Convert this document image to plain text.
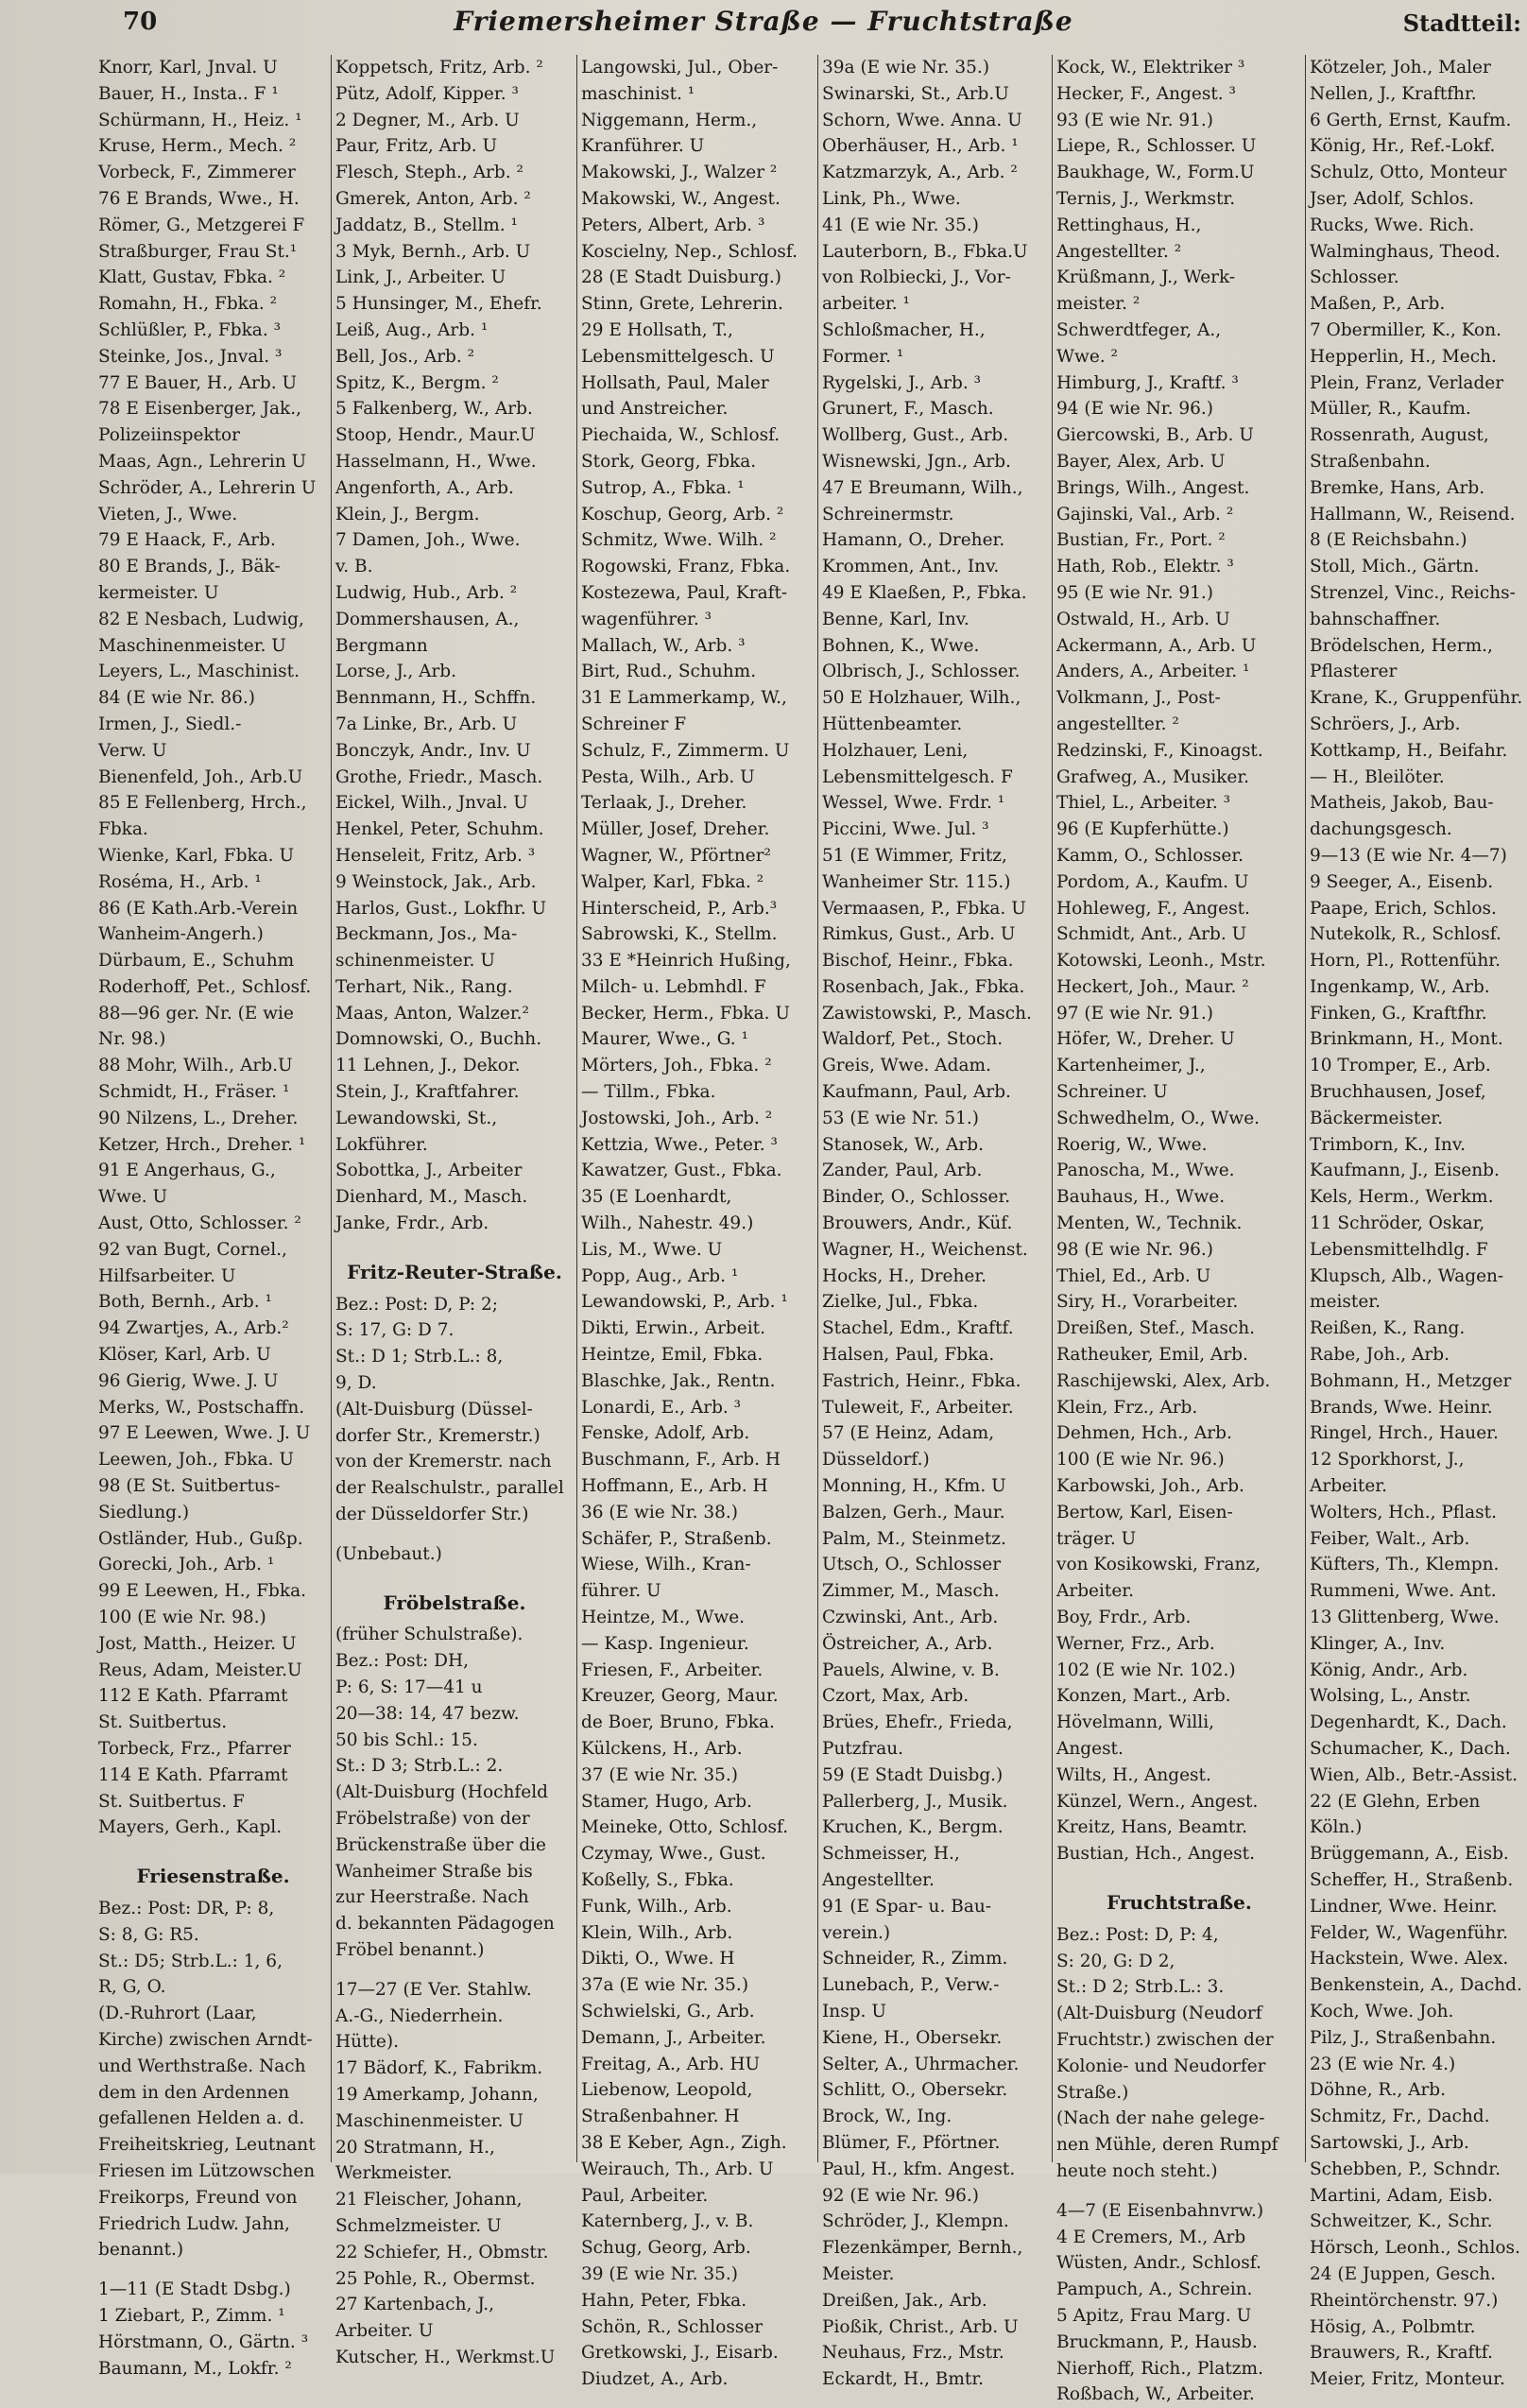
70	Friemersheimer Straße — Fruchtstraße	Stadtteil:
Knorr, Karl, Jnval. U
Bauer, H., Insta.. F ¹
Schürmann, H., Heiz. ¹
Kruse, Herm., Mech. ²
Vorbeck, F., Zimmerer
76 E Brands, Wwe., H.
Römer, G., Metzgerei F
Straßburger, Frau St.¹
Klatt, Gustav, Fbka. ²
Romahn, H., Fbka. ²
Schlüßler, P., Fbka. ³
Steinke, Jos., Jnval. ³
77 E Bauer, H., Arb. U
78 E Eisenberger, Jak.,
Polizeiinspektor
Maas, Agn., Lehrerin U
Schröder, A., Lehrerin U
Vieten, J., Wwe.
79 E Haack, F., Arb.
80 E Brands, J., Bäk-
kermeister. U
82 E Nesbach, Ludwig,
Maschinenmeister. U
Leyers, L., Maschinist.
84 (E wie Nr. 86.)
Irmen, J., Siedl.-
Verw. U
Bienenfeld, Joh., Arb.U
85 E Fellenberg, Hrch.,
Fbka.
Wienke, Karl, Fbka. U
Roséma, H., Arb. ¹
86 (E Kath.Arb.-Verein
Wanheim-Angerh.)
Dürbaum, E., Schuhm
Roderhoff, Pet., Schlosf.
88—96 ger. Nr. (E wie
Nr. 98.)
88 Mohr, Wilh., Arb.U
Schmidt, H., Fräser. ¹
90 Nilzens, L., Dreher.
Ketzer, Hrch., Dreher. ¹
91 E Angerhaus, G.,
Wwe. U
Aust, Otto, Schlosser. ²
92 van Bugt, Cornel.,
Hilfsarbeiter. U
Both, Bernh., Arb. ¹
94 Zwartjes, A., Arb.²
Klöser, Karl, Arb. U
96 Gierig, Wwe. J. U
Merks, W., Postschaffn.
97 E Leewen, Wwe. J. U
Leewen, Joh., Fbka. U
98 (E St. Suitbertus-
Siedlung.)
Ostländer, Hub., Gußp.
Gorecki, Joh., Arb. ¹
99 E Leewen, H., Fbka.
100 (E wie Nr. 98.)
Jost, Matth., Heizer. U
Reus, Adam, Meister.U
112 E Kath. Pfarramt
St. Suitbertus.
Torbeck, Frz., Pfarrer
114 E Kath. Pfarramt
St. Suitbertus. F
Mayers, Gerh., Kapl.
Friesenstraße.
Bez.: Post: DR, P: 8,
S: 8, G: R5.
St.: D5; Strb.L.: 1, 6,
R, G, O.
(D.-Ruhrort (Laar,
Kirche) zwischen Arndt-
und Werthstraße. Nach
dem in den Ardennen
gefallenen Helden a. d.
Freiheitskrieg, Leutnant
Friesen im Lützowschen
Freikorps, Freund von
Friedrich Ludw. Jahn,
benannt.)
1—11 (E Stadt Dsbg.)
1 Ziebart, P., Zimm. ¹
Hörstmann, O., Gärtn. ³
Baumann, M., Lokfr. ²
Koppetsch, Fritz, Arb. ²
Pütz, Adolf, Kipper. ³
2 Degner, M., Arb. U
Paur, Fritz, Arb. U
Flesch, Steph., Arb. ²
Gmerek, Anton, Arb. ²
Jaddatz, B., Stellm. ¹
3 Myk, Bernh., Arb. U
Link, J., Arbeiter. U
5 Hunsinger, M., Ehefr.
Leiß, Aug., Arb. ¹
Bell, Jos., Arb. ²
Spitz, K., Bergm. ²
5 Falkenberg, W., Arb.
Stoop, Hendr., Maur.U
Hasselmann, H., Wwe.
Angenforth, A., Arb.
Klein, J., Bergm.
7 Damen, Joh., Wwe.
v. B.
Ludwig, Hub., Arb. ²
Dommershausen, A.,
Bergmann
Lorse, J., Arb.
Bennmann, H., Schffn.
7a Linke, Br., Arb. U
Bonczyk, Andr., Inv. U
Grothe, Friedr., Masch.
Eickel, Wilh., Jnval. U
Henkel, Peter, Schuhm.
Henseleit, Fritz, Arb. ³
9 Weinstock, Jak., Arb.
Harlos, Gust., Lokfhr. U
Beckmann, Jos., Ma-
schinenmeister. U
Terhart, Nik., Rang.
Maas, Anton, Walzer.²
Domnowski, O., Buchh.
11 Lehnen, J., Dekor.
Stein, J., Kraftfahrer.
Lewandowski, St.,
Lokführer.
Sobottka, J., Arbeiter
Dienhard, M., Masch.
Janke, Frdr., Arb.
Fritz-Reuter-Straße.
Bez.: Post: D, P: 2;
S: 17, G: D 7.
St.: D 1; Strb.L.: 8,
9, D.
(Alt-Duisburg (Düssel-
dorfer Str., Kremerstr.)
von der Kremerstr. nach
der Realschulstr., parallel
der Düsseldorfer Str.)
(Unbebaut.)
Fröbelstraße.
(früher Schulstraße).
Bez.: Post: DH,
P: 6, S: 17—41 u
20—38: 14, 47 bezw.
50 bis Schl.: 15.
St.: D 3; Strb.L.: 2.
(Alt-Duisburg (Hochfeld
Fröbelstraße) von der
Brückenstraße über die
Wanheimer Straße bis
zur Heerstraße. Nach
d. bekannten Pädagogen
Fröbel benannt.)
17—27 (E Ver. Stahlw.
A.-G., Niederrhein.
Hütte).
17 Bädorf, K., Fabrikm.
19 Amerkamp, Johann,
Maschinenmeister. U
20 Stratmann, H.,
Werkmeister.
21 Fleischer, Johann,
Schmelzmeister. U
22 Schiefer, H., Obmstr.
25 Pohle, R., Obermst.
27 Kartenbach, J.,
Arbeiter. U
Kutscher, H., Werkmst.U
Langowski, Jul., Ober-
maschinist. ¹
Niggemann, Herm.,
Kranführer. U
Makowski, J., Walzer ²
Makowski, W., Angest.
Peters, Albert, Arb. ³
Koscielny, Nep., Schlosf.
28 (E Stadt Duisburg.)
Stinn, Grete, Lehrerin.
29 E Hollsath, T.,
Lebensmittelgesch. U
Hollsath, Paul, Maler
und Anstreicher.
Piechaida, W., Schlosf.
Stork, Georg, Fbka.
Sutrop, A., Fbka. ¹
Koschup, Georg, Arb. ²
Schmitz, Wwe. Wilh. ²
Rogowski, Franz, Fbka.
Kostezewa, Paul, Kraft-
wagenführer. ³
Mallach, W., Arb. ³
Birt, Rud., Schuhm.
31 E Lammerkamp, W.,
Schreiner F
Schulz, F., Zimmerm. U
Pesta, Wilh., Arb. U
Terlaak, J., Dreher.
Müller, Josef, Dreher.
Wagner, W., Pförtner²
Walper, Karl, Fbka. ²
Hinterscheid, P., Arb.³
Sabrowski, K., Stellm.
33 E *Heinrich Hußing,
Milch- u. Lebmhdl. F
Becker, Herm., Fbka. U
Maurer, Wwe., G. ¹
Mörters, Joh., Fbka. ²
— Tillm., Fbka.
Jostowski, Joh., Arb. ²
Kettzia, Wwe., Peter. ³
Kawatzer, Gust., Fbka.
35 (E Loenhardt,
Wilh., Nahestr. 49.)
Lis, M., Wwe. U
Popp, Aug., Arb. ¹
Lewandowski, P., Arb. ¹
Dikti, Erwin., Arbeit.
Heintze, Emil, Fbka.
Blaschke, Jak., Rentn.
Lonardi, E., Arb. ³
Fenske, Adolf, Arb.
Buschmann, F., Arb. H
Hoffmann, E., Arb. H
36 (E wie Nr. 38.)
Schäfer, P., Straßenb.
Wiese, Wilh., Kran-
führer. U
Heintze, M., Wwe.
— Kasp. Ingenieur.
Friesen, F., Arbeiter.
Kreuzer, Georg, Maur.
de Boer, Bruno, Fbka.
Külckens, H., Arb.
37 (E wie Nr. 35.)
Stamer, Hugo, Arb.
Meineke, Otto, Schlosf.
Czymay, Wwe., Gust.
Koßelly, S., Fbka.
Funk, Wilh., Arb.
Klein, Wilh., Arb.
Dikti, O., Wwe. H
37a (E wie Nr. 35.)
Schwielski, G., Arb.
Demann, J., Arbeiter.
Freitag, A., Arb. HU
Liebenow, Leopold,
Straßenbahner. H
38 E Keber, Agn., Zigh.
Weirauch, Th., Arb. U
Paul, Arbeiter.
Katernberg, J., v. B.
Schug, Georg, Arb.
39 (E wie Nr. 35.)
Hahn, Peter, Fbka.
Schön, R., Schlosser
Gretkowski, J., Eisarb.
Diudzet, A., Arb.
39a (E wie Nr. 35.)
Swinarski, St., Arb.U
Schorn, Wwe. Anna. U
Oberhäuser, H., Arb. ¹
Katzmarzyk, A., Arb. ²
Link, Ph., Wwe.
41 (E wie Nr. 35.)
Lauterborn, B., Fbka.U
von Rolbiecki, J., Vor-
arbeiter. ¹
Schloßmacher, H.,
Former. ¹
Rygelski, J., Arb. ³
Grunert, F., Masch.
Wollberg, Gust., Arb.
Wisnewski, Jgn., Arb.
47 E Breumann, Wilh.,
Schreinermstr.
Hamann, O., Dreher.
Krommen, Ant., Inv.
49 E Klaeßen, P., Fbka.
Benne, Karl, Inv.
Bohnen, K., Wwe.
Olbrisch, J., Schlosser.
50 E Holzhauer, Wilh.,
Hüttenbeamter.
Holzhauer, Leni,
Lebensmittelgesch. F
Wessel, Wwe. Frdr. ¹
Piccini, Wwe. Jul. ³
51 (E Wimmer, Fritz,
Wanheimer Str. 115.)
Vermaasen, P., Fbka. U
Rimkus, Gust., Arb. U
Bischof, Heinr., Fbka.
Rosenbach, Jak., Fbka.
Zawistowski, P., Masch.
Waldorf, Pet., Stoch.
Greis, Wwe. Adam.
Kaufmann, Paul, Arb.
53 (E wie Nr. 51.)
Stanosek, W., Arb.
Zander, Paul, Arb.
Binder, O., Schlosser.
Brouwers, Andr., Küf.
Wagner, H., Weichenst.
Hocks, H., Dreher.
Zielke, Jul., Fbka.
Stachel, Edm., Kraftf.
Halsen, Paul, Fbka.
Fastrich, Heinr., Fbka.
Tuleweit, F., Arbeiter.
57 (E Heinz, Adam,
Düsseldorf.)
Monning, H., Kfm. U
Balzen, Gerh., Maur.
Palm, M., Steinmetz.
Utsch, O., Schlosser
Zimmer, M., Masch.
Czwinski, Ant., Arb.
Östreicher, A., Arb.
Pauels, Alwine, v. B.
Czort, Max, Arb.
Brües, Ehefr., Frieda,
Putzfrau.
59 (E Stadt Duisbg.)
Pallerberg, J., Musik.
Kruchen, K., Bergm.
Schmeisser, H.,
Angestellter.
91 (E Spar- u. Bau-
verein.)
Schneider, R., Zimm.
Lunebach, P., Verw.-
Insp. U
Kiene, H., Obersekr.
Selter, A., Uhrmacher.
Schlitt, O., Obersekr.
Brock, W., Ing.
Blümer, F., Pförtner.
Paul, H., kfm. Angest.
92 (E wie Nr. 96.)
Schröder, J., Klempn.
Flezenkämper, Bernh.,
Meister.
Dreißen, Jak., Arb.
Pioßik, Christ., Arb. U
Neuhaus, Frz., Mstr.
Eckardt, H., Bmtr.
Kock, W., Elektriker ³
Hecker, F., Angest. ³
93 (E wie Nr. 91.)
Liepe, R., Schlosser. U
Baukhage, W., Form.U
Ternis, J., Werkmstr.
Rettinghaus, H.,
Angestellter. ²
Krüßmann, J., Werk-
meister. ²
Schwerdtfeger, A.,
Wwe. ²
Himburg, J., Kraftf. ³
94 (E wie Nr. 96.)
Giercowski, B., Arb. U
Bayer, Alex, Arb. U
Brings, Wilh., Angest.
Gajinski, Val., Arb. ²
Bustian, Fr., Port. ²
Hath, Rob., Elektr. ³
95 (E wie Nr. 91.)
Ostwald, H., Arb. U
Ackermann, A., Arb. U
Anders, A., Arbeiter. ¹
Volkmann, J., Post-
angestellter. ²
Redzinski, F., Kinoagst.
Grafweg, A., Musiker.
Thiel, L., Arbeiter. ³
96 (E Kupferhütte.)
Kamm, O., Schlosser.
Pordom, A., Kaufm. U
Hohleweg, F., Angest.
Schmidt, Ant., Arb. U
Kotowski, Leonh., Mstr.
Heckert, Joh., Maur. ²
97 (E wie Nr. 91.)
Höfer, W., Dreher. U
Kartenheimer, J.,
Schreiner. U
Schwedhelm, O., Wwe.
Roerig, W., Wwe.
Panoscha, M., Wwe.
Bauhaus, H., Wwe.
Menten, W., Technik.
98 (E wie Nr. 96.)
Thiel, Ed., Arb. U
Siry, H., Vorarbeiter.
Dreißen, Stef., Masch.
Ratheuker, Emil, Arb.
Raschijewski, Alex, Arb.
Klein, Frz., Arb.
Dehmen, Hch., Arb.
100 (E wie Nr. 96.)
Karbowski, Joh., Arb.
Bertow, Karl, Eisen-
träger. U
von Kosikowski, Franz,
Arbeiter.
Boy, Frdr., Arb.
Werner, Frz., Arb.
102 (E wie Nr. 102.)
Konzen, Mart., Arb.
Hövelmann, Willi,
Angest.
Wilts, H., Angest.
Künzel, Wern., Angest.
Kreitz, Hans, Beamtr.
Bustian, Hch., Angest.
Fruchtstraße.
Bez.: Post: D, P: 4,
S: 20, G: D 2,
St.: D 2; Strb.L.: 3.
(Alt-Duisburg (Neudorf
Fruchtstr.) zwischen der
Kolonie- und Neudorfer
Straße.)
(Nach der nahe gelege-
nen Mühle, deren Rumpf
heute noch steht.)
4—7 (E Eisenbahnvrw.)
4 E Cremers, M., Arb
Wüsten, Andr., Schlosf.
Pampuch, A., Schrein.
5 Apitz, Frau Marg. U
Bruckmann, P., Hausb.
Nierhoff, Rich., Platzm.
Roßbach, W., Arbeiter.
Kötzeler, Joh., Maler
Nellen, J., Kraftfhr.
6 Gerth, Ernst, Kaufm.
König, Hr., Ref.-Lokf.
Schulz, Otto, Monteur
Jser, Adolf, Schlos.
Rucks, Wwe. Rich.
Walminghaus, Theod.
Schlosser.
Maßen, P., Arb.
7 Obermiller, K., Kon.
Hepperlin, H., Mech.
Plein, Franz, Verlader
Müller, R., Kaufm.
Rossenrath, August,
Straßenbahn.
Bremke, Hans, Arb.
Hallmann, W., Reisend.
8 (E Reichsbahn.)
Stoll, Mich., Gärtn.
Strenzel, Vinc., Reichs-
bahnschaffner.
Brödelschen, Herm.,
Pflasterer
Krane, K., Gruppenführ.
Schröers, J., Arb.
Kottkamp, H., Beifahr.
— H., Bleilöter.
Matheis, Jakob, Bau-
dachungsgesch.
9—13 (E wie Nr. 4—7)
9 Seeger, A., Eisenb.
Paape, Erich, Schlos.
Nutekolk, R., Schlosf.
Horn, Pl., Rottenführ.
Ingenkamp, W., Arb.
Finken, G., Kraftfhr.
Brinkmann, H., Mont.
10 Tromper, E., Arb.
Bruchhausen, Josef,
Bäckermeister.
Trimborn, K., Inv.
Kaufmann, J., Eisenb.
Kels, Herm., Werkm.
11 Schröder, Oskar,
Lebensmittelhdlg. F
Klupsch, Alb., Wagen-
meister.
Reißen, K., Rang.
Rabe, Joh., Arb.
Bohmann, H., Metzger
Brands, Wwe. Heinr.
Ringel, Hrch., Hauer.
12 Sporkhorst, J.,
Arbeiter.
Wolters, Hch., Pflast.
Feiber, Walt., Arb.
Küfters, Th., Klempn.
Rummeni, Wwe. Ant.
13 Glittenberg, Wwe.
Klinger, A., Inv.
König, Andr., Arb.
Wolsing, L., Anstr.
Degenhardt, K., Dach.
Schumacher, K., Dach.
Wien, Alb., Betr.-Assist.
22 (E Glehn, Erben
Köln.)
Brüggemann, A., Eisb.
Scheffer, H., Straßenb.
Lindner, Wwe. Heinr.
Felder, W., Wagenführ.
Hackstein, Wwe. Alex.
Benkenstein, A., Dachd.
Koch, Wwe. Joh.
Pilz, J., Straßenbahn.
23 (E wie Nr. 4.)
Döhne, R., Arb.
Schmitz, Fr., Dachd.
Sartowski, J., Arb.
Schebben, P., Schndr.
Martini, Adam, Eisb.
Schweitzer, K., Schr.
Hörsch, Leonh., Schlos.
24 (E Juppen, Gesch.
Rheintörchenstr. 97.)
Hösig, A., Polbmtr.
Brauwers, R., Kraftf.
Meier, Fritz, Monteur.
